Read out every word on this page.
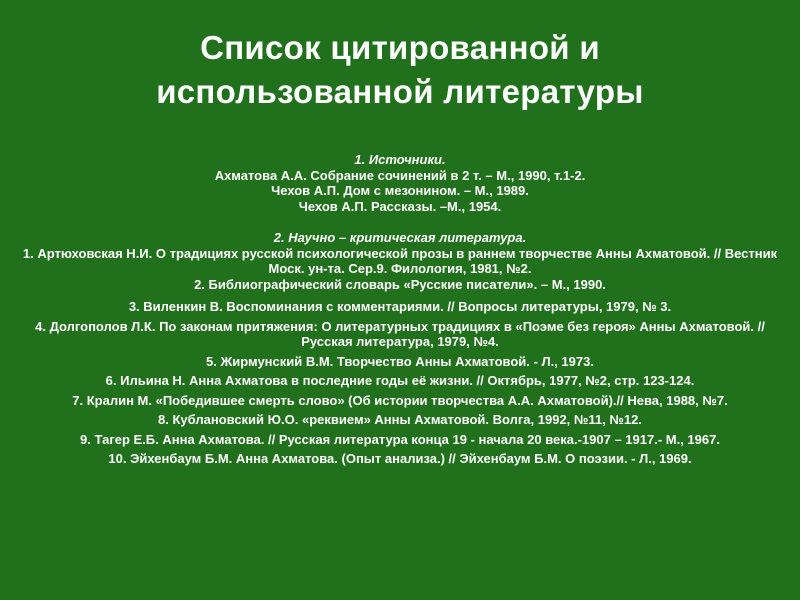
Список цитированной и
использованной литературы

1. Источники.

Ахматова А.А. Собрание сочинений в 2 т. – М., 1990, т.1-2.

Чехов А.П. Дом с мезонином. – М., 1989.

Чехов А.П. Рассказы. –М., 1954.

2. Научно – критическая литература.

1. Артюховская Н.И. О традициях русской психологической прозы в раннем творчестве Анны Ахматовой. // Вестник Моск. ун-та. Сер.9. Филология, 1981, №2.

2. Библиографический словарь «Русские писатели». – М., 1990.

3. Виленкин В. Воспоминания с комментариями. // Вопросы литературы, 1979, № 3.

4. Долгополов Л.К. По законам притяжения: О литературных традициях в «Поэме без героя» Анны Ахматовой. // Русская литература, 1979, №4.

5. Жирмунский В.М. Творчество Анны Ахматовой. - Л., 1973.

6. Ильина Н. Анна Ахматова в последние годы её жизни. // Октябрь, 1977, №2, стр. 123-124.

7. Кралин М. «Победившее смерть слово» (Об истории творчества А.А. Ахматовой).// Нева, 1988, №7.

8. Кублановский Ю.О. «реквием» Анны Ахматовой. Волга, 1992, №11, №12.

9. Тагер Е.Б. Анна Ахматова. // Русская литература конца 19 - начала 20 века.-1907 – 1917.- М., 1967.

10. Эйхенбаум Б.М. Анна Ахматова. (Опыт анализа.) // Эйхенбаум Б.М. О поэзии. - Л., 1969.
